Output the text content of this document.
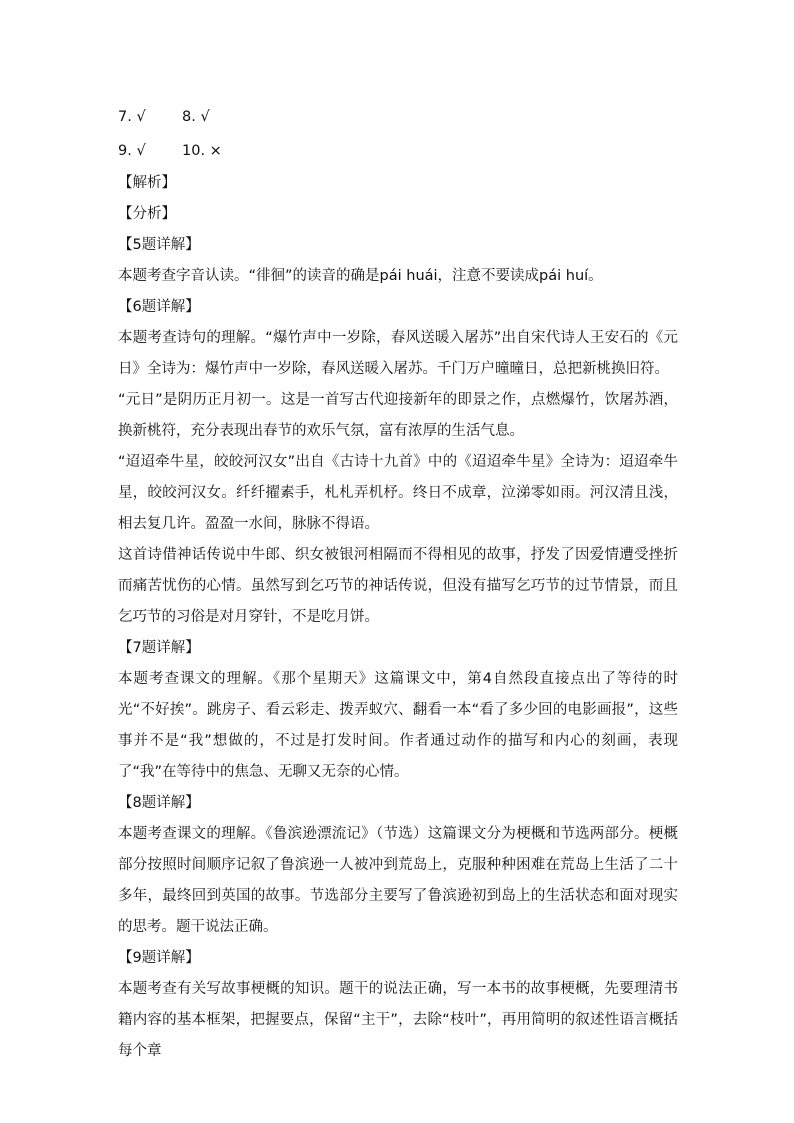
7. √	8. √
9. √	10. ×
【解析】
【分析】
【5题详解】
本题考查字音认读。“徘徊”的读音的确是pái huái，注意不要读成pái huí。
【6题详解】
本题考查诗句的理解。“爆竹声中一岁除，春风送暖入屠苏”出自宋代诗人王安石的《元日》全诗为：爆竹声中一岁除，春风送暖入屠苏。千门万户曈曈日，总把新桃换旧符。
“元日”是阴历正月初一。这是一首写古代迎接新年的即景之作，点燃爆竹，饮屠苏酒，换新桃符，充分表现出春节的欢乐气氛，富有浓厚的生活气息。
“迢迢牵牛星，皎皎河汉女”出自《古诗十九首》中的《迢迢牵牛星》全诗为：迢迢牵牛星，皎皎河汉女。纤纤擢素手，札札弄机杼。终日不成章，泣涕零如雨。河汉清且浅，相去复几许。盈盈一水间，脉脉不得语。
这首诗借神话传说中牛郎、织女被银河相隔而不得相见的故事，抒发了因爱情遭受挫折而痛苦忧伤的心情。虽然写到乞巧节的神话传说，但没有描写乞巧节的过节情景，而且乞巧节的习俗是对月穿针，不是吃月饼。
【7题详解】
本题考查课文的理解。《那个星期天》这篇课文中，第4自然段直接点出了等待的时光“不好挨”。跳房子、看云彩走、拨弄蚁穴、翻看一本“看了多少回的电影画报”，这些事并不是“我”想做的，不过是打发时间。作者通过动作的描写和内心的刻画，表现了“我”在等待中的焦急、无聊又无奈的心情。
【8题详解】
本题考查课文的理解。《鲁滨逊漂流记》（节选）这篇课文分为梗概和节选两部分。梗概部分按照时间顺序记叙了鲁滨逊一人被冲到荒岛上，克服种种困难在荒岛上生活了二十多年，最终回到英国的故事。节选部分主要写了鲁滨逊初到岛上的生活状态和面对现实的思考。题干说法正确。
【9题详解】
本题考查有关写故事梗概的知识。题干的说法正确，写一本书的故事梗概，先要理清书籍内容的基本框架，把握要点，保留“主干”，去除“枝叶”，再用简明的叙述性语言概括每个章
